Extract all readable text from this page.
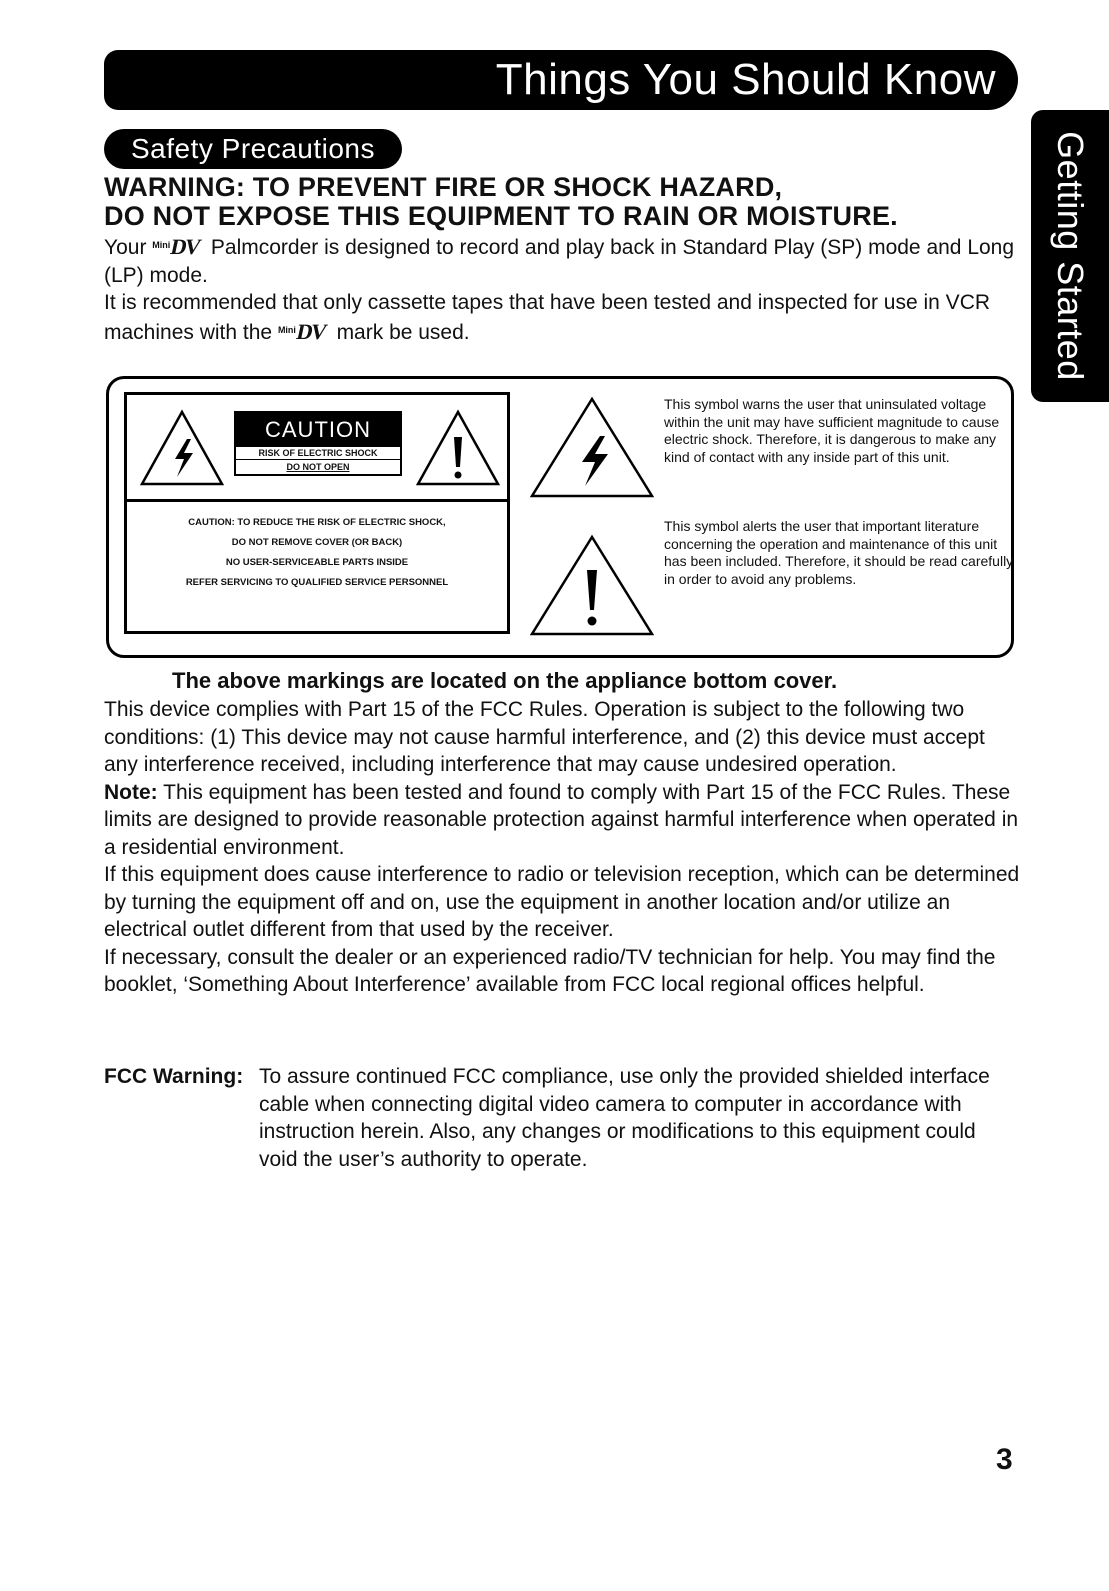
Things You Should Know
Getting Started
Safety Precautions
WARNING: TO PREVENT FIRE OR SHOCK HAZARD,
DO NOT EXPOSE THIS EQUIPMENT TO RAIN OR MOISTURE.

Your MiniDV Palmcorder is designed to record and play back in Standard Play (SP) mode and Long (LP) mode.

It is recommended that only cassette tapes that have been tested and inspected for use in VCR machines with the MiniDV mark be used.

CAUTION
RISK OF ELECTRIC SHOCK
DO NOT OPEN
CAUTION: TO REDUCE THE RISK OF ELECTRIC SHOCK,
DO NOT REMOVE COVER (OR BACK)
NO USER-SERVICEABLE PARTS INSIDE
REFER SERVICING TO QUALIFIED SERVICE PERSONNEL
This symbol warns the user that uninsulated voltage within the unit may have sufficient magnitude to cause electric shock. Therefore, it is dangerous to make any kind of contact with any inside part of this unit.
This symbol alerts the user that important literature concerning the operation and maintenance of this unit has been included. Therefore, it should be read carefully in order to avoid any problems.
The above markings are located on the appliance bottom cover.

This device complies with Part 15 of the FCC Rules. Operation is subject to the following two conditions: (1) This device may not cause harmful interference, and (2) this device must accept any interference received, including interference that may cause undesired operation.

Note: This equipment has been tested and found to comply with Part 15 of the FCC Rules. These limits are designed to provide reasonable protection against harmful interference when operated in a residential environment.

If this equipment does cause interference to radio or television reception, which can be determined by turning the equipment off and on, use the equipment in another location and/or utilize an electrical outlet different from that used by the receiver.

If necessary, consult the dealer or an experienced radio/TV technician for help. You may find the booklet, ‘Something About Interference’ available from FCC local regional offices helpful.

FCC Warning: To assure continued FCC compliance, use only the provided shielded interface cable when connecting digital video camera to computer in accordance with instruction herein. Also, any changes or modifications to this equipment could void the user’s authority to operate.
3
